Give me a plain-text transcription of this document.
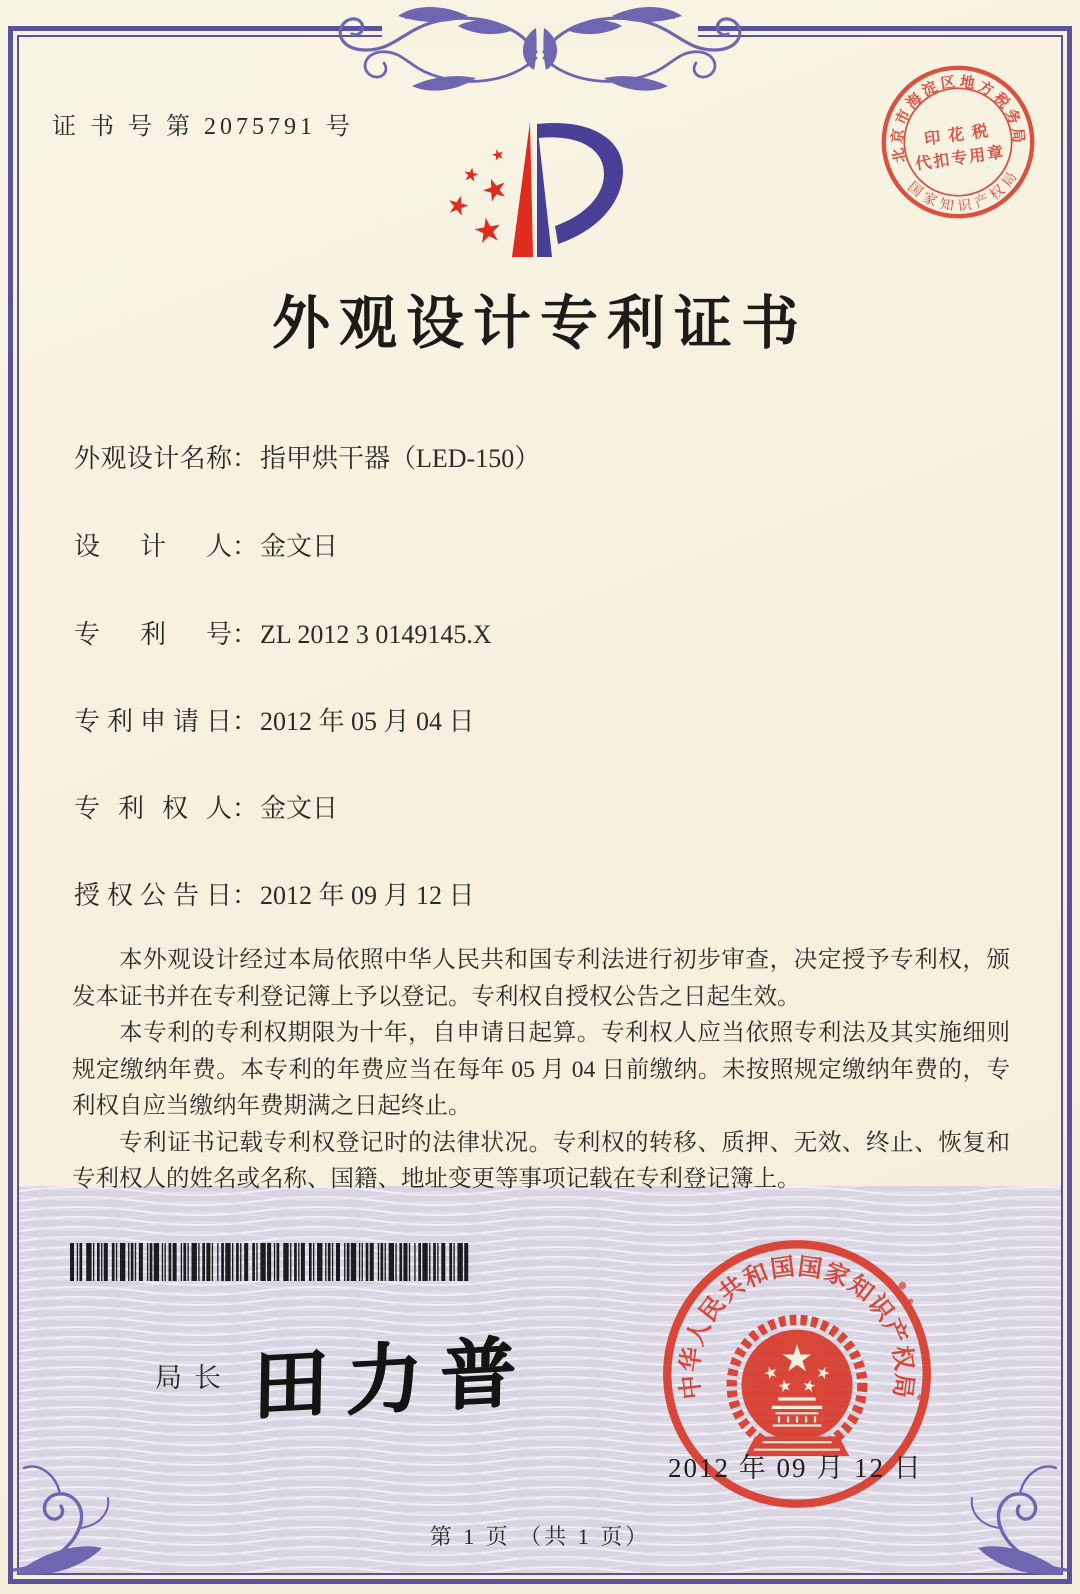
证 书 号 第 2075791 号
北京市海淀区地方税务局
国家知识产权局
印 花 税
代扣专用章
外观设计专利证书
外观设计名称：指甲烘干器（LED-150）
设计人：金文日
专利号：ZL 2012 3 0149145.X
专利申请日：2012 年 05 月 04 日
专利权人：金文日
授权公告日：2012 年 09 月 12 日

本外观设计经过本局依照中华人民共和国专利法进行初步审查，决定授予专利权，颁发本证书并在专利登记簿上予以登记。专利权自授权公告之日起生效。

本专利的专利权期限为十年，自申请日起算。专利权人应当依照专利法及其实施细则规定缴纳年费。本专利的年费应当在每年 05 月 04 日前缴纳。未按照规定缴纳年费的，专利权自应当缴纳年费期满之日起终止。

专利证书记载专利权登记时的法律状况。专利权的转移、质押、无效、终止、恢复和专利权人的姓名或名称、国籍、地址变更等事项记载在专利登记簿上。

局长 田力普	中华人民共和国国家知识产权局
2012 年 09 月 12 日
第 1 页 （共 1 页）
